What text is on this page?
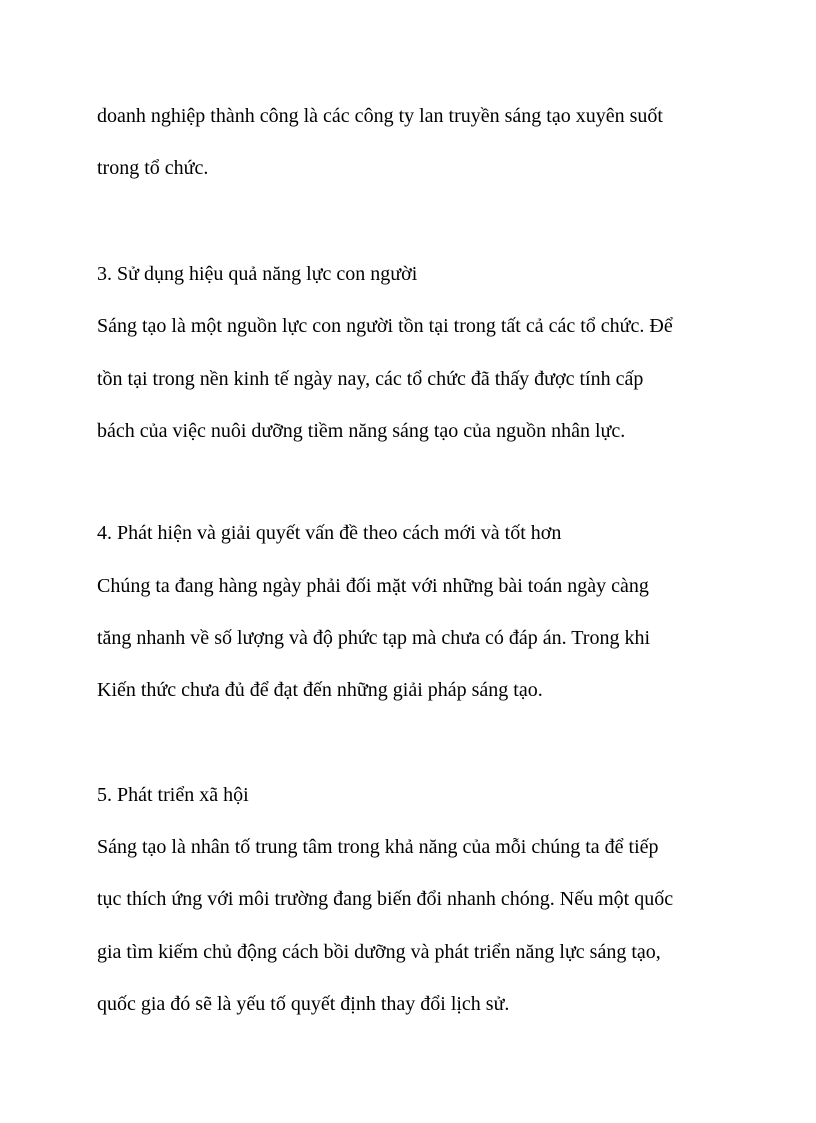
doanh nghiệp thành công là các công ty lan truyền sáng tạo xuyên suốt
trong tổ chức.
3. Sử dụng hiệu quả năng lực con người
Sáng tạo là một nguồn lực con người tồn tại trong tất cả các tổ chức. Để
tồn tại trong nền kinh tế ngày nay, các tổ chức đã thấy được tính cấp
bách của việc nuôi dưỡng tiềm năng sáng tạo của nguồn nhân lực.
4. Phát hiện và giải quyết vấn đề theo cách mới và tốt hơn
Chúng ta đang hàng ngày phải đối mặt với những bài toán ngày càng
tăng nhanh về số lượng và độ phức tạp mà chưa có đáp án. Trong khi
Kiến thức chưa đủ để đạt đến những giải pháp sáng tạo.
5. Phát triển xã hội
Sáng tạo là nhân tố trung tâm trong khả năng của mỗi chúng ta để tiếp
tục thích ứng với môi trường đang biến đổi nhanh chóng. Nếu một quốc
gia tìm kiếm chủ động cách bồi dưỡng và phát triển năng lực sáng tạo,
quốc gia đó sẽ là yếu tố quyết định thay đổi lịch sử.
